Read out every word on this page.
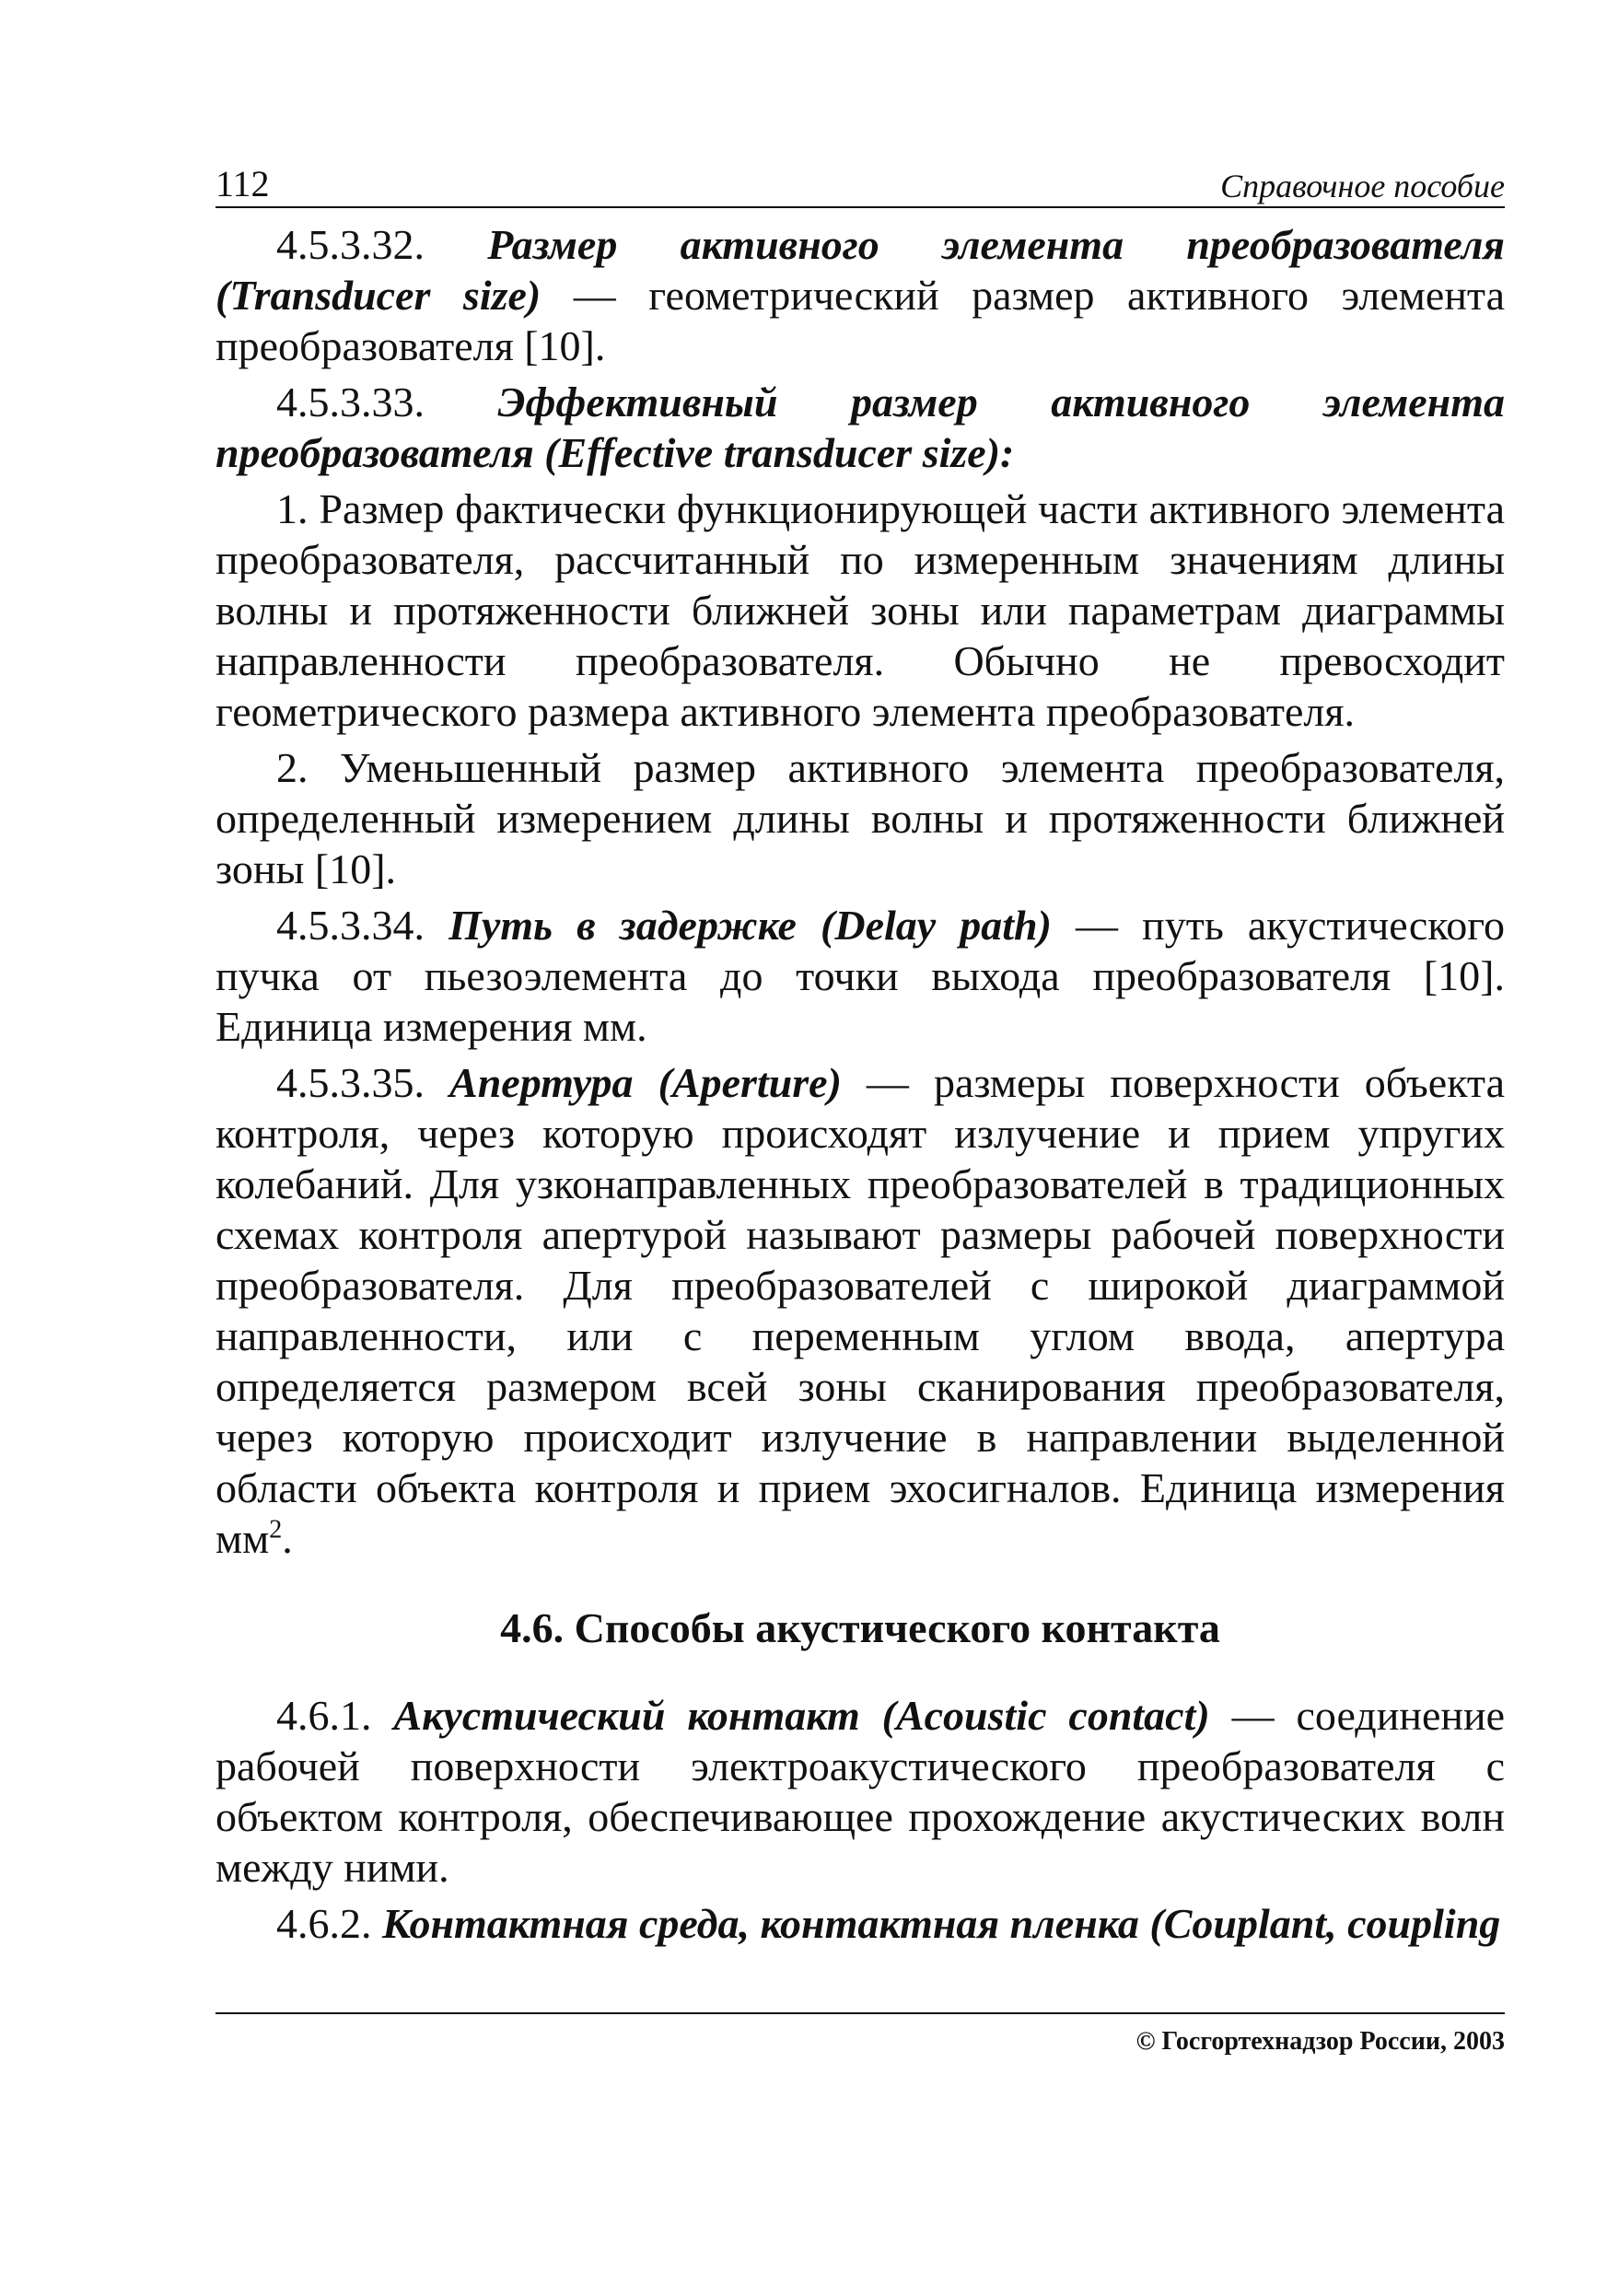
112	Справочное пособие

4.5.3.32. Размер активного элемента преобразователя (Transducer size) — геометрический размер активного элемента преобразователя [10].

4.5.3.33. Эффективный размер активного элемента преобразователя (Effective transducer size):

1. Размер фактически функционирующей части активного элемента преобразователя, рассчитанный по измеренным значениям длины волны и протяженности ближней зоны или параметрам диаграммы направленности преобразователя. Обычно не превосходит геометрического размера активного элемента преобразователя.

2. Уменьшенный размер активного элемента преобразователя, определенный измерением длины волны и протяженности ближней зоны [10].

4.5.3.34. Путь в задержке (Delay path) — путь акустического пучка от пьезоэлемента до точки выхода преобразователя [10]. Единица измерения мм.

4.5.3.35. Апертура (Aperture) — размеры поверхности объекта контроля, через которую происходят излучение и прием упругих колебаний. Для узконаправленных преобразователей в традиционных схемах контроля апертурой называют размеры рабочей поверхности преобразователя. Для преобразователей с широкой диаграммой направленности, или с переменным углом ввода, апертура определяется размером всей зоны сканирования преобразователя, через которую происходит излучение в направлении выделенной области объекта контроля и прием эхосигналов. Единица измерения $мм^2$.

4.6. Способы акустического контакта

4.6.1. Акустический контакт (Acoustic contact) — соединение рабочей поверхности электроакустического преобразователя с объектом контроля, обеспечивающее прохождение акустических волн между ними.

4.6.2. Контактная среда, контактная пленка (Couplant, coupling

© Госгортехнадзор России, 2003
